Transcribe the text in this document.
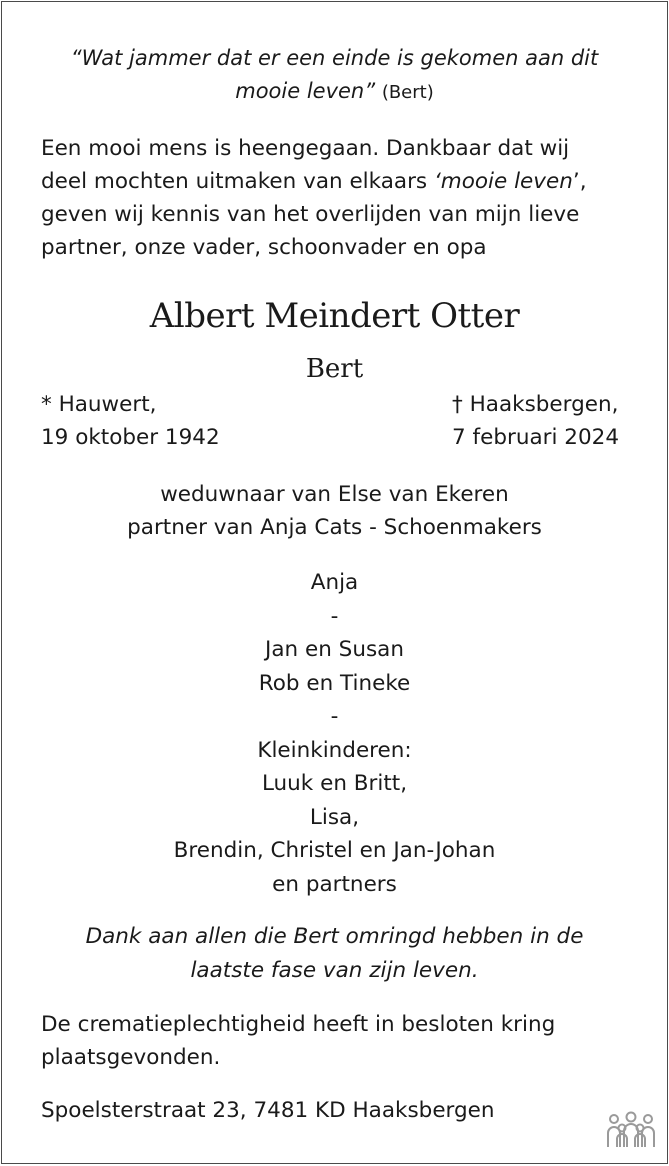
“Wat jammer dat er een einde is gekomen aan dit
mooie leven” (Bert)
Een mooi mens is heengegaan. Dankbaar dat wij
deel mochten uitmaken van elkaars ‘mooie leven’,
geven wij kennis van het overlijden van mijn lieve
partner, onze vader, schoonvader en opa
Albert Meindert Otter
Bert
* Hauwert,
19 oktober 1942
† Haaksbergen,
7 februari 2024
weduwnaar van Else van Ekeren
partner van Anja Cats - Schoenmakers
Anja
-
Jan en Susan
Rob en Tineke
-
Kleinkinderen:
Luuk en Britt,
Lisa,
Brendin, Christel en Jan-Johan
en partners
Dank aan allen die Bert omringd hebben in de
laatste fase van zijn leven.
De crematieplechtigheid heeft in besloten kring
plaatsgevonden.
Spoelsterstraat 23, 7481 KD Haaksbergen
